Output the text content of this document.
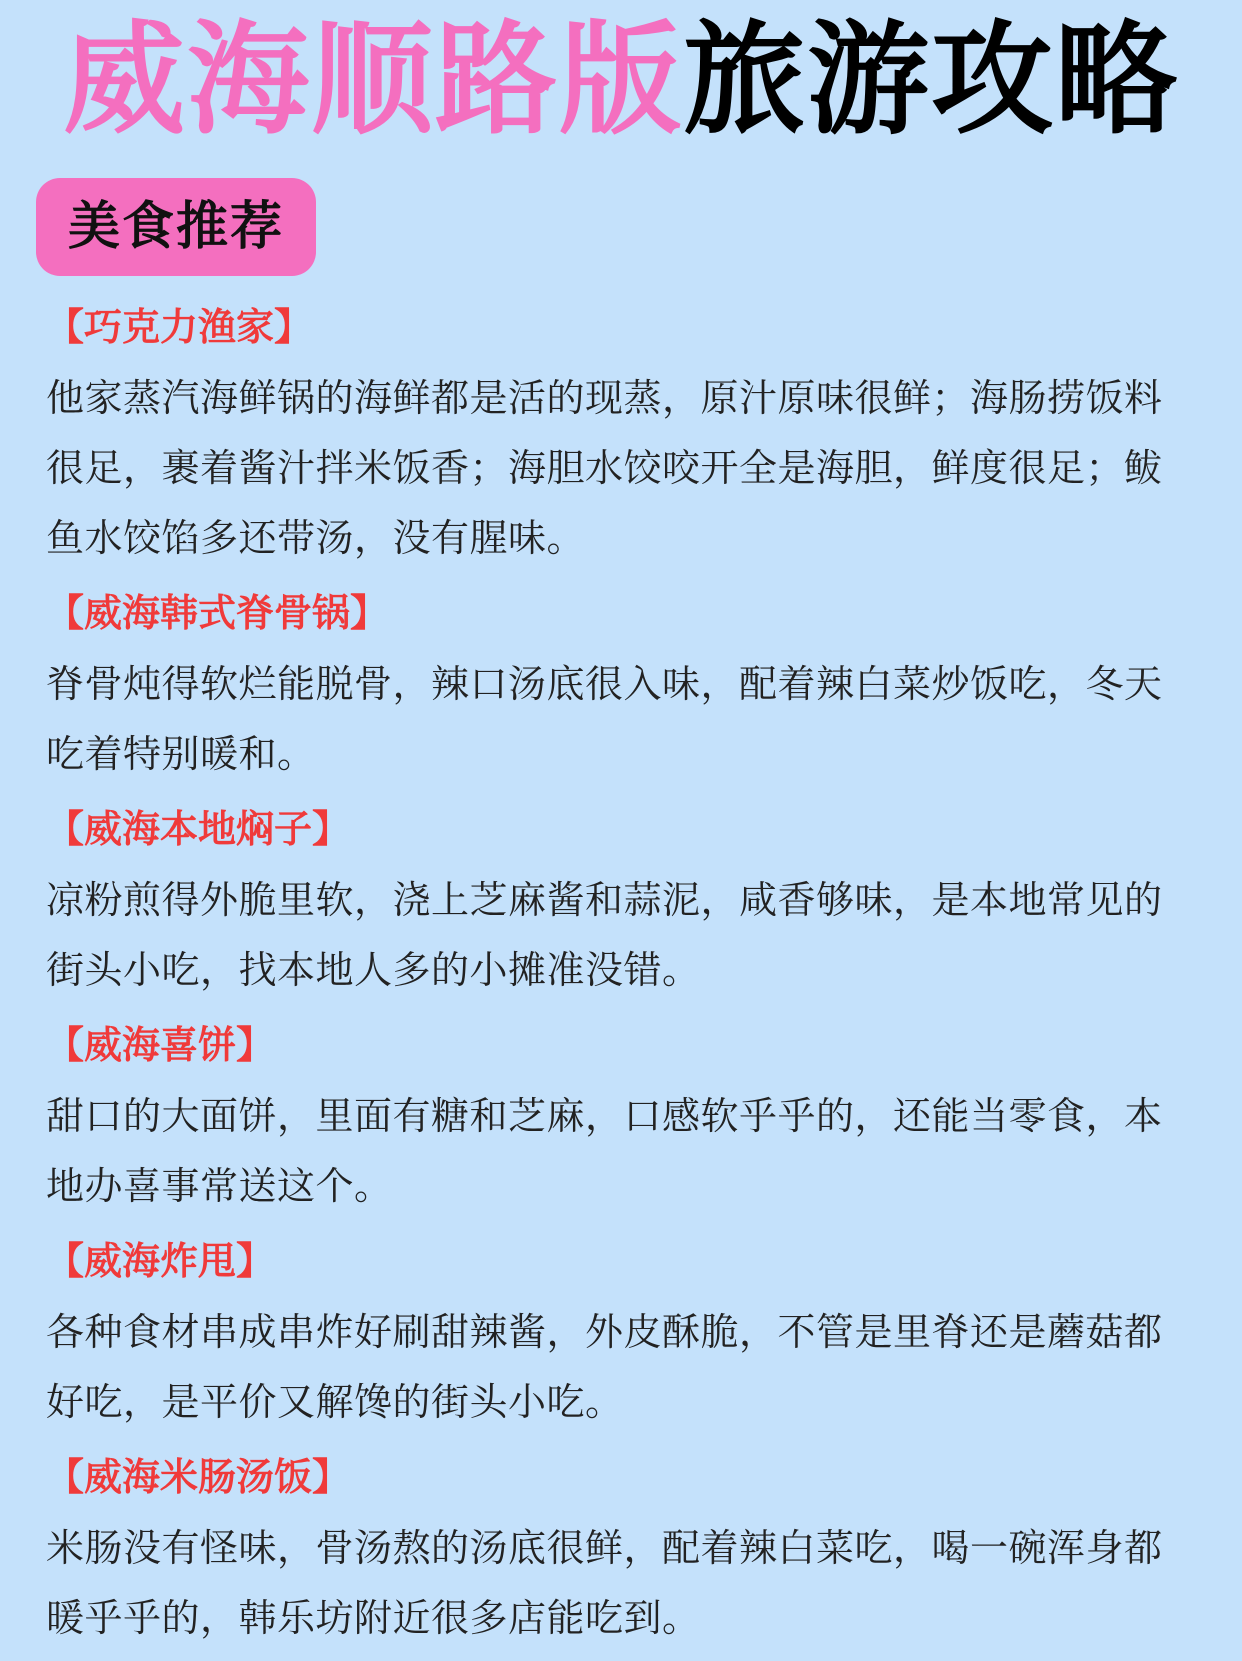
威海顺路版旅游攻略
美食推荐
【巧克力渔家】
他家蒸汽海鲜锅的海鲜都是活的现蒸，原汁原味很鲜；海肠捞饭料很足，裹着酱汁拌米饭香；海胆水饺咬开全是海胆，鲜度很足；鲅鱼水饺馅多还带汤，没有腥味。
【威海韩式脊骨锅】
脊骨炖得软烂能脱骨，辣口汤底很入味，配着辣白菜炒饭吃，冬天吃着特别暖和。
【威海本地焖子】
凉粉煎得外脆里软，浇上芝麻酱和蒜泥，咸香够味，是本地常见的街头小吃，找本地人多的小摊准没错。
【威海喜饼】
甜口的大面饼，里面有糖和芝麻，口感软乎乎的，还能当零食，本地办喜事常送这个。
【威海炸甩】
各种食材串成串炸好刷甜辣酱，外皮酥脆，不管是里脊还是蘑菇都好吃，是平价又解馋的街头小吃。
【威海米肠汤饭】
米肠没有怪味，骨汤熬的汤底很鲜，配着辣白菜吃，喝一碗浑身都暖乎乎的，韩乐坊附近很多店能吃到。
